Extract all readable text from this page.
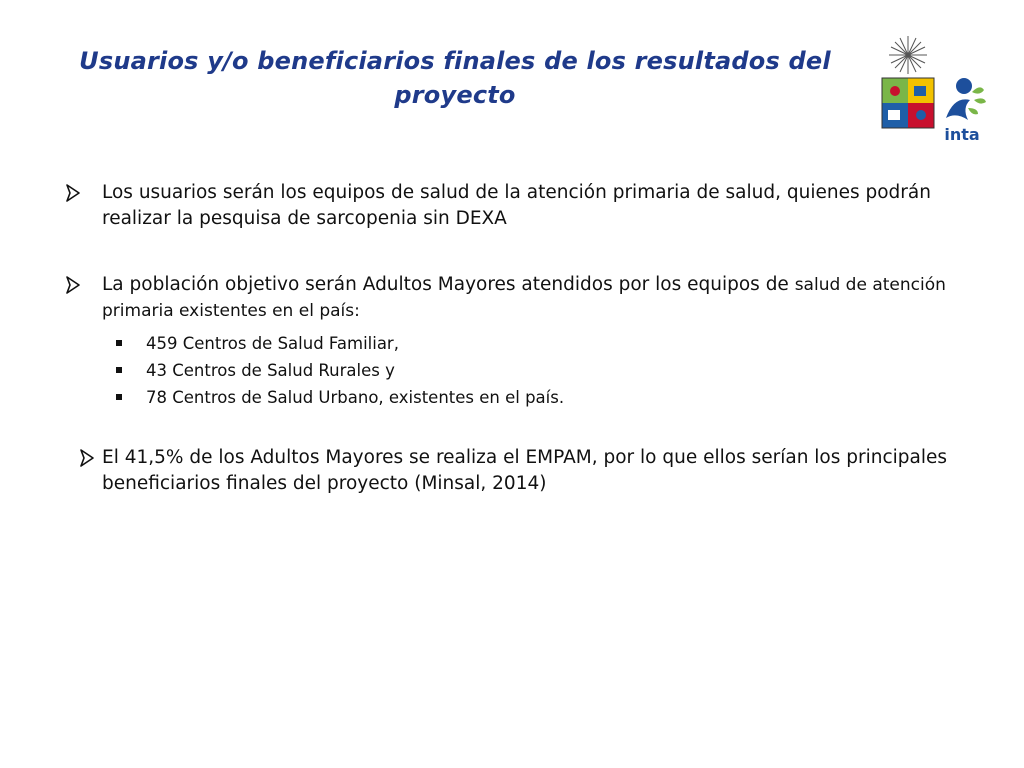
Usuarios y/o beneficiarios finales de los resultados del
proyecto
inta
Los usuarios serán los equipos de salud de la atención primaria de salud, quienes podrán realizar la pesquisa de sarcopenia sin DEXA
La población objetivo serán Adultos Mayores atendidos por los equipos de salud de atención primaria existentes en el país:
459 Centros de Salud Familiar,
43 Centros de Salud Rurales y
78 Centros de Salud Urbano, existentes en el país.
El 41,5% de los Adultos Mayores se realiza el EMPAM, por lo que ellos serían los principales beneficiarios finales del proyecto (Minsal, 2014)
